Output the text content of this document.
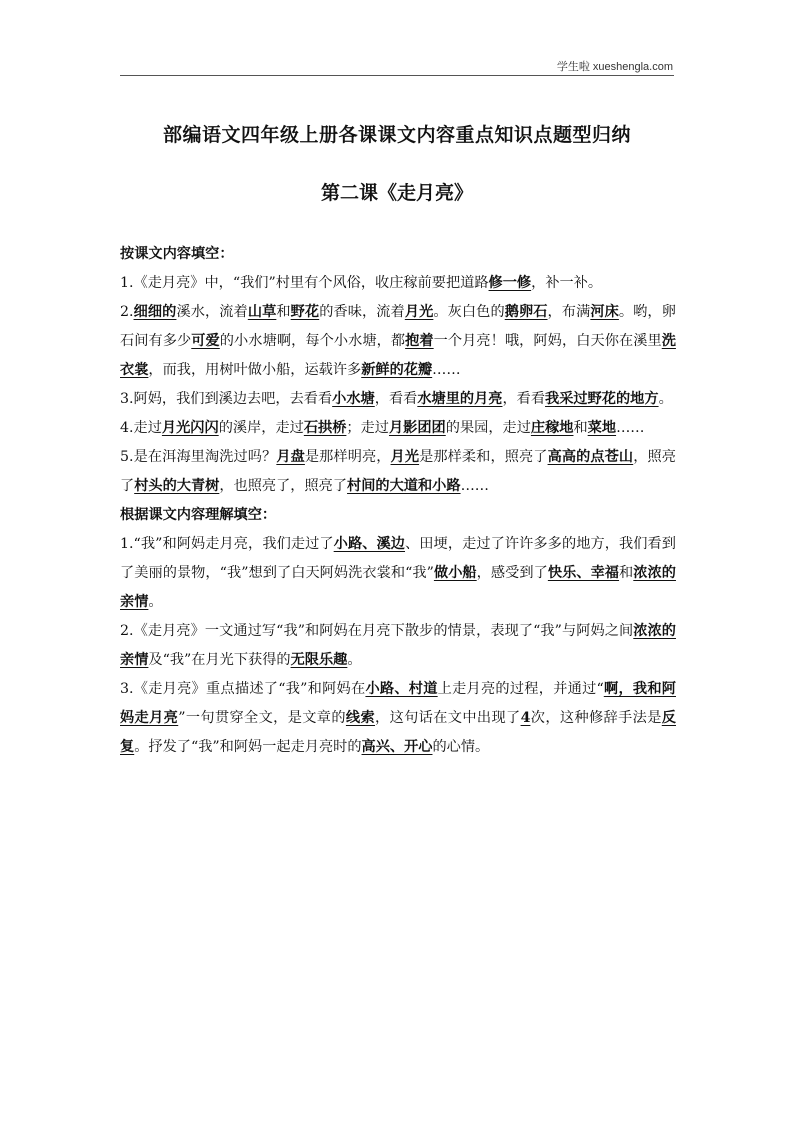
学生啦 xueshengla.com
部编语文四年级上册各课课文内容重点知识点题型归纳
第二课《走月亮》

按课文内容填空：

1.《走月亮》中，“我们”村里有个风俗，收庄稼前要把道路修一修，补一补。

2.细细的溪水，流着山草和野花的香味，流着月光。灰白色的鹅卵石，布满河床。哟，卵石间有多少可爱的小水塘啊，每个小水塘，都抱着一个月亮！哦，阿妈，白天你在溪里洗衣裳，而我，用树叶做小船，运载许多新鲜的花瓣……

3.阿妈，我们到溪边去吧，去看看小水塘，看看水塘里的月亮，看看我采过野花的地方。

4.走过月光闪闪的溪岸，走过石拱桥；走过月影团团的果园，走过庄稼地和菜地……

5.是在洱海里淘洗过吗？月盘是那样明亮，月光是那样柔和，照亮了高高的点苍山，照亮了村头的大青树，也照亮了，照亮了村间的大道和小路……

根据课文内容理解填空：

1.“我”和阿妈走月亮，我们走过了小路、溪边、田埂，走过了许许多多的地方，我们看到了美丽的景物，“我”想到了白天阿妈洗衣裳和“我”做小船，感受到了快乐、幸福和浓浓的亲情。

2.《走月亮》一文通过写“我”和阿妈在月亮下散步的情景，表现了“我”与阿妈之间浓浓的亲情及“我”在月光下获得的无限乐趣。

3.《走月亮》重点描述了“我”和阿妈在小路、村道上走月亮的过程，并通过“啊，我和阿妈走月亮”一句贯穿全文，是文章的线索，这句话在文中出现了4次，这种修辞手法是反复。抒发了“我”和阿妈一起走月亮时的高兴、开心的心情。
